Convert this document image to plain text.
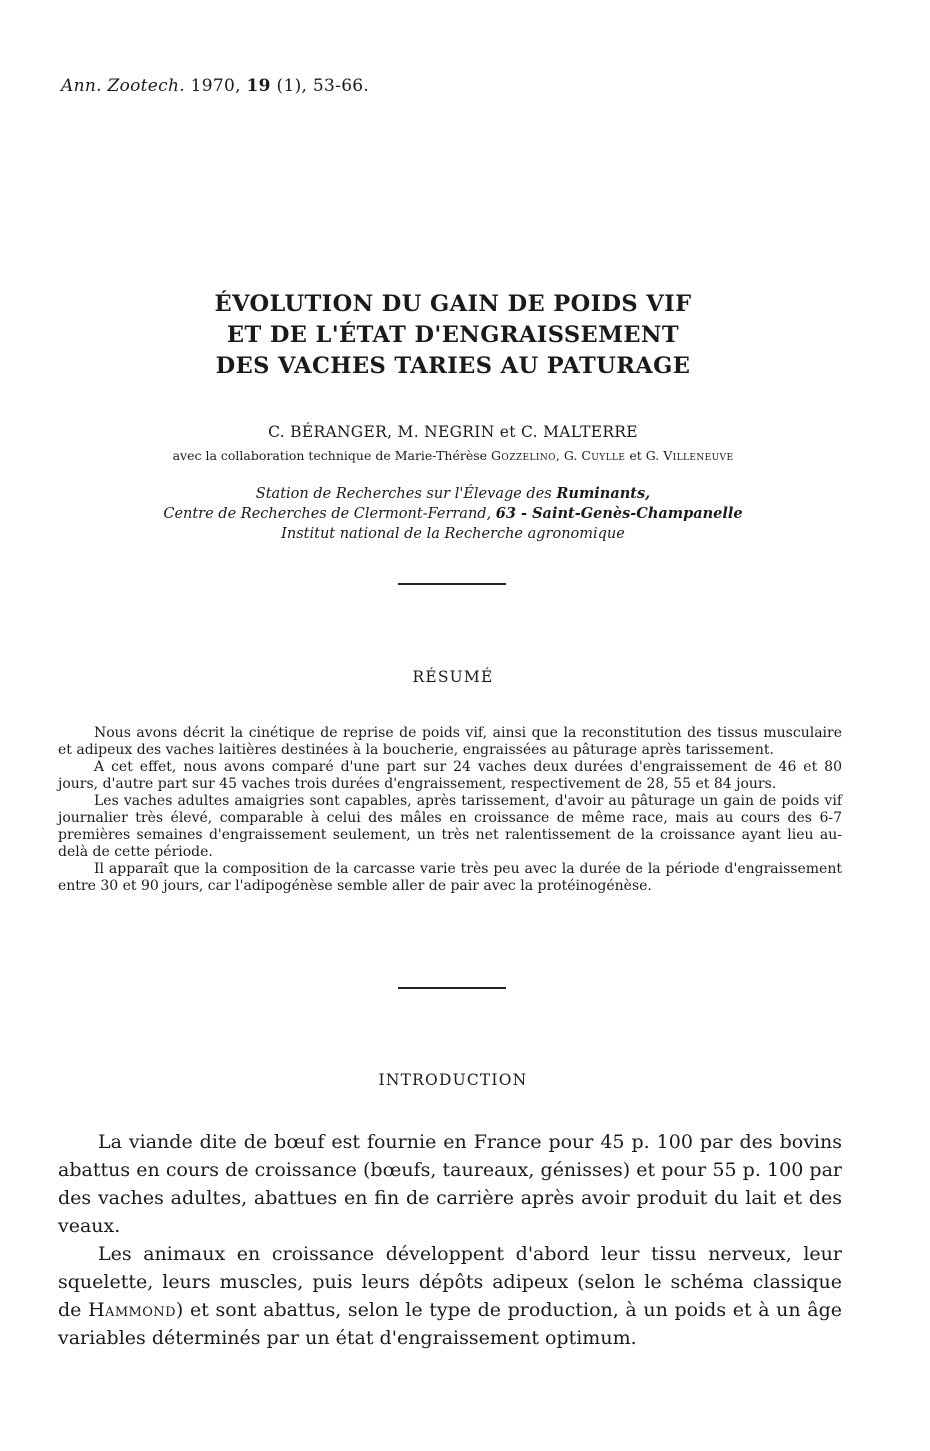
Ann. Zootech. 1970, 19 (1), 53-66.
ÉVOLUTION DU GAIN DE POIDS VIF
ET DE L'ÉTAT D'ENGRAISSEMENT
DES VACHES TARIES AU PATURAGE
C. BÉRANGER, M. NEGRIN et C. MALTERRE
avec la collaboration technique de Marie-Thérèse Gozzelino, G. Cuylle et G. Villeneuve
Station de Recherches sur l'Élevage des Ruminants,
Centre de Recherches de Clermont-Ferrand, 63 - Saint-Genès-Champanelle
Institut national de la Recherche agronomique
RÉSUMÉ

Nous avons décrit la cinétique de reprise de poids vif, ainsi que la reconstitution des tissus musculaire et adipeux des vaches laitières destinées à la boucherie, engraissées au pâturage après tarissement.

A cet effet, nous avons comparé d'une part sur 24 vaches deux durées d'engraissement de 46 et 80 jours, d'autre part sur 45 vaches trois durées d'engraissement, respectivement de 28, 55 et 84 jours.

Les vaches adultes amaigries sont capables, après tarissement, d'avoir au pâturage un gain de poids vif journalier très élevé, comparable à celui des mâles en croissance de même race, mais au cours des 6-7 premières semaines d'engraissement seulement, un très net ralentissement de la croissance ayant lieu au-delà de cette période.

Il apparaît que la composition de la carcasse varie très peu avec la durée de la période d'engraissement entre 30 et 90 jours, car l'adipogénèse semble aller de pair avec la protéinogénèse.

INTRODUCTION

La viande dite de bœuf est fournie en France pour 45 p. 100 par des bovins abattus en cours de croissance (bœufs, taureaux, génisses) et pour 55 p. 100 par des vaches adultes, abattues en fin de carrière après avoir produit du lait et des veaux.

Les animaux en croissance développent d'abord leur tissu nerveux, leur squelette, leurs muscles, puis leurs dépôts adipeux (selon le schéma classique de Hammond) et sont abattus, selon le type de production, à un poids et à un âge variables déterminés par un état d'engraissement optimum.
